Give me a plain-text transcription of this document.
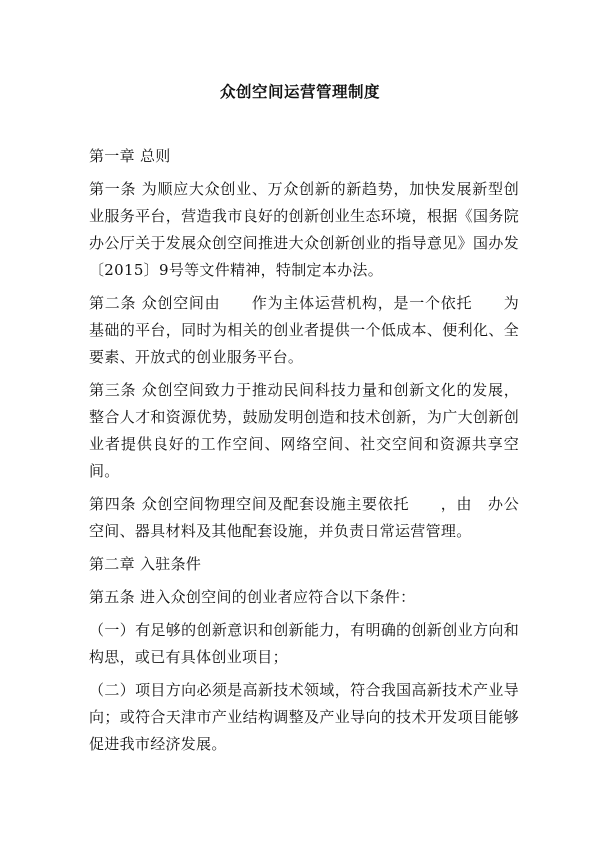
众创空间运营管理制度

第一章 总则

第一条 为顺应大众创业、万众创新的新趋势，加快发展新型创业服务平台，营造我市良好的创新创业生态环境，根据《国务院办公厅关于发展众创空间推进大众创新创业的指导意见》国办发〔2015〕9号等文件精神，特制定本办法。

第二条 众创空间由　　作为主体运营机构，是一个依托　　为基础的平台，同时为相关的创业者提供一个低成本、便利化、全要素、开放式的创业服务平台。

第三条 众创空间致力于推动民间科技力量和创新文化的发展，整合人才和资源优势，鼓励发明创造和技术创新，为广大创新创业者提供良好的工作空间、网络空间、社交空间和资源共享空间。

第四条 众创空间物理空间及配套设施主要依托　　，由　办公空间、器具材料及其他配套设施，并负责日常运营管理。

第二章 入驻条件

第五条 进入众创空间的创业者应符合以下条件：

（一）有足够的创新意识和创新能力，有明确的创新创业方向和构思，或已有具体创业项目；

（二）项目方向必须是高新技术领域，符合我国高新技术产业导向；或符合天津市产业结构调整及产业导向的技术开发项目能够促进我市经济发展。
